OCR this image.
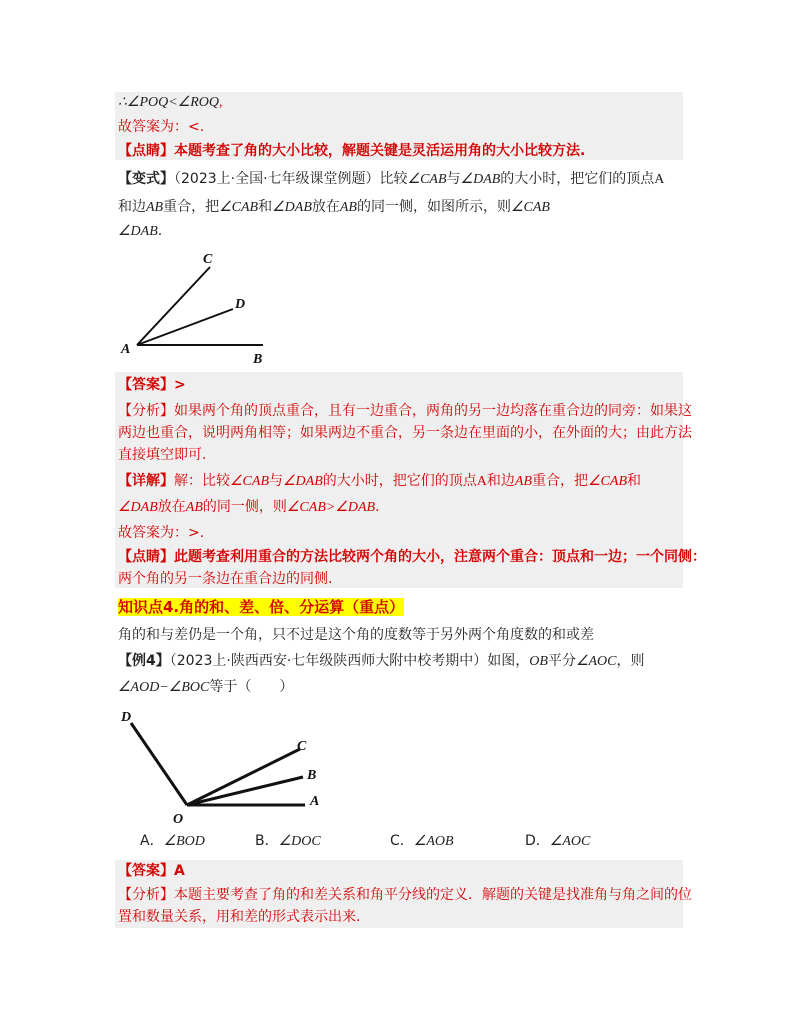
∴∠POQ<∠ROQ,
故答案为：<.
【点睛】本题考查了角的大小比较，解题关键是灵活运用角的大小比较方法.
【变式】（2023上·全国·七年级课堂例题）比较∠CAB与∠DAB的大小时，把它们的顶点A
和边AB重合，把∠CAB和∠DAB放在AB的同一侧，如图所示，则∠CAB
∠DAB.
C
D
A
B
【答案】>
【分析】如果两个角的顶点重合，且有一边重合，两角的另一边均落在重合边的同旁：如果这
两边也重合，说明两角相等；如果两边不重合，另一条边在里面的小，在外面的大；由此方法
直接填空即可.
【详解】解：比较∠CAB与∠DAB的大小时，把它们的顶点A和边AB重合，把∠CAB和
∠DAB放在AB的同一侧，则∠CAB>∠DAB.
故答案为：>.
【点睛】此题考查利用重合的方法比较两个角的大小，注意两个重合：顶点和一边；一个同侧：
两个角的另一条边在重合边的同侧.
知识点4.角的和、差、倍、分运算（重点）
角的和与差仍是一个角，只不过是这个角的度数等于另外两个角度数的和或差
【例4】（2023上·陕西西安·七年级陕西师大附中校考期中）如图，OB平分∠AOC，则
∠AOD−∠BOC等于（　　）
D
C
B
A
O
A．∠BOD	B．∠DOC	C．∠AOB	D．∠AOC
【答案】A
【分析】本题主要考查了角的和差关系和角平分线的定义．解题的关键是找准角与角之间的位
置和数量关系，用和差的形式表示出来.
